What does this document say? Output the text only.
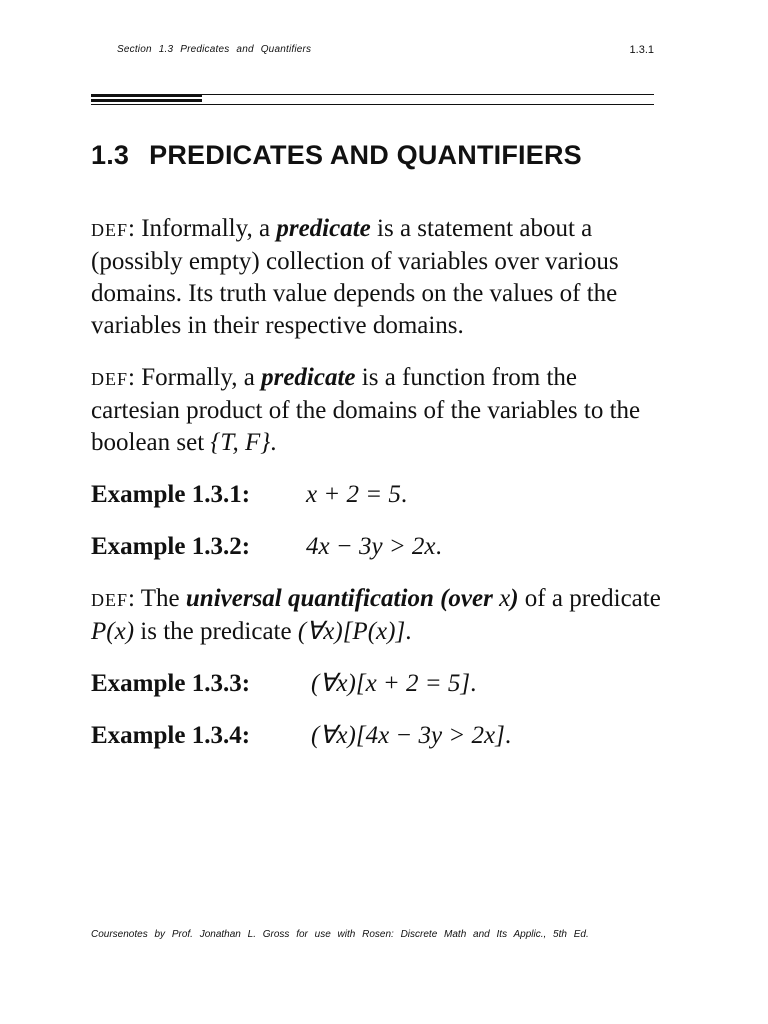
Section 1.3 Predicates and Quantifiers	1.3.1
1.3 PREDICATES AND QUANTIFIERS

DEF: Informally, a predicate is a statement about a (possibly empty) collection of variables over various domains. Its truth value depends on the values of the variables in their respective domains.

DEF: Formally, a predicate is a function from the cartesian product of the domains of the variables to the boolean set {T, F}.

Example 1.3.1: x + 2 = 5.

Example 1.3.2: 4x − 3y > 2x.

DEF: The universal quantification (over x) of a predicate P(x) is the predicate (∀x)[P(x)].

Example 1.3.3: (∀x)[x + 2 = 5].

Example 1.3.4: (∀x)[4x − 3y > 2x].

Coursenotes by Prof. Jonathan L. Gross for use with Rosen: Discrete Math and Its Applic., 5th Ed.
